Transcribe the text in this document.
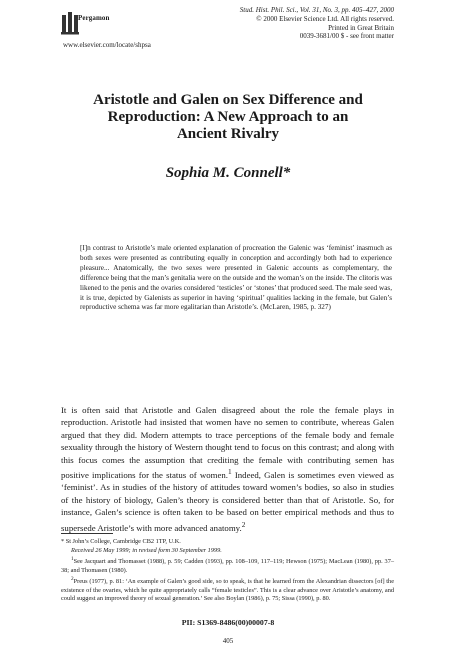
Pergamon
www.elsevier.com/locate/shpsa
Stud. Hist. Phil. Sci., Vol. 31, No. 3, pp. 405–427, 2000
© 2000 Elsevier Science Ltd. All rights reserved.
Printed in Great Britain
0039-3681/00 $ - see front matter
Aristotle and Galen on Sex Difference and
Reproduction: A New Approach to an
Ancient Rivalry
Sophia M. Connell*
[I]n contrast to Aristotle’s male oriented explanation of procreation the Galenic was ‘feminist’ inasmuch as both sexes were presented as contributing equally in conception and accordingly both had to experience pleasure... Anatomically, the two sexes were presented in Galenic accounts as complementary, the difference being that the man’s genitalia were on the outside and the woman’s on the inside. The clitoris was likened to the penis and the ovaries considered ‘testicles’ or ‘stones’ that produced seed. The male seed was, it is true, depicted by Galenists as superior in having ‘spiritual’ qualities lacking in the female, but Galen’s reproductive schema was far more egalitarian than Aristotle’s. (McLaren, 1985, p. 327)
It is often said that Aristotle and Galen disagreed about the role the female plays in reproduction. Aristotle had insisted that women have no semen to contribute, whereas Galen argued that they did. Modern attempts to trace perceptions of the female body and female sexuality through the history of Western thought tend to focus on this contrast; and along with this focus comes the assumption that crediting the female with contributing semen has positive implications for the status of women.$^1$ Indeed, Galen is sometimes even viewed as ‘feminist’. As in studies of the history of attitudes toward women’s bodies, so also in studies of the history of biology, Galen’s theory is considered better than that of Aristotle. So, for instance, Galen’s science is often taken to be based on better empirical methods and thus to supersede Aristotle’s with more advanced anatomy.$^2$
* St John’s College, Cambridge CB2 1TP, U.K.
Received 26 May 1999; in revised form 30 September 1999.
$^1$See Jacquart and Thomasset (1988), p. 59; Cadden (1993), pp. 108–109, 117–119; Hewson (1975); MacLean (1980), pp. 37–38; and Thomasen (1980).
$^2$Preus (1977), p. 81: ‘An example of Galen’s good side, so to speak, is that he learned from the Alexandrian dissectors [of] the existence of the ovaries, which he quite appropriately calls “female testicles”. This is a clear advance over Aristotle’s anatomy, and could suggest an improved theory of sexual generation.’ See also Boylan (1986), p. 75; Sissa (1990), p. 80.
PII: S1369-8486(00)00007-8
405
